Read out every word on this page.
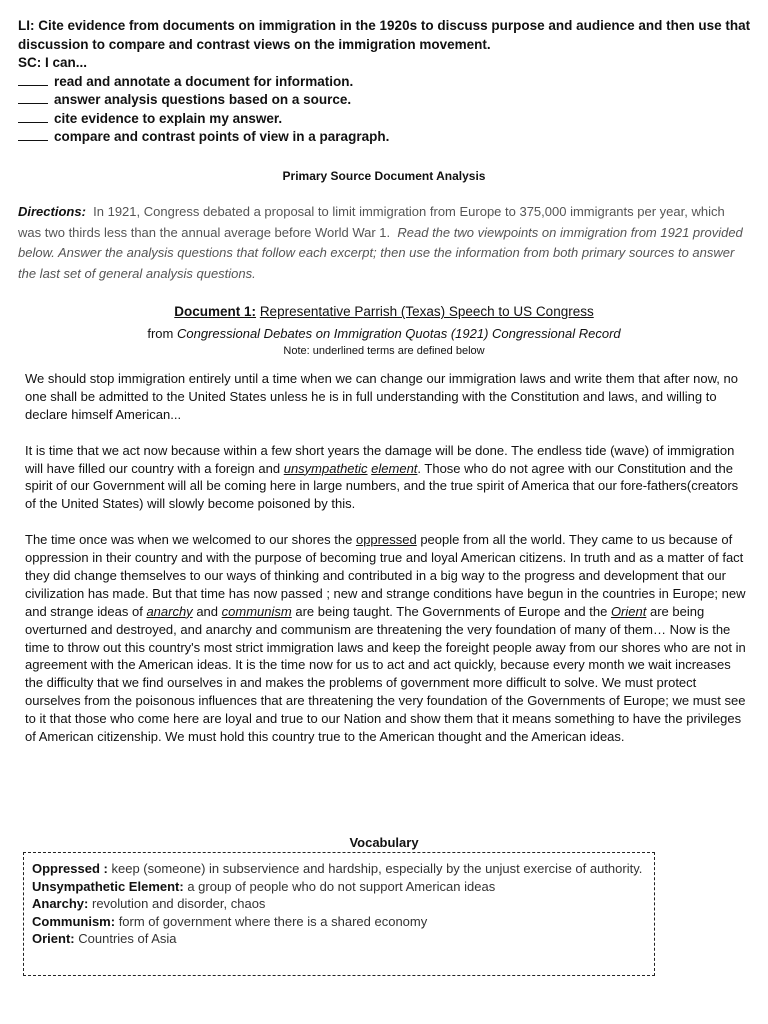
LI: Cite evidence from documents on immigration in the 1920s to discuss purpose and audience and then use that discussion to compare and contrast views on the immigration movement.
SC: I can...
read and annotate a document for information.
answer analysis questions based on a source.
cite evidence to explain my answer.
compare and contrast points of view in a paragraph.
Primary Source Document Analysis
Directions: In 1921, Congress debated a proposal to limit immigration from Europe to 375,000 immigrants per year, which was two thirds less than the annual average before World War 1. Read the two viewpoints on immigration from 1921 provided below. Answer the analysis questions that follow each excerpt; then use the information from both primary sources to answer the last set of general analysis questions.
Document 1: Representative Parrish (Texas) Speech to US Congress
from Congressional Debates on Immigration Quotas (1921) Congressional Record
Note: underlined terms are defined below

We should stop immigration entirely until a time when we can change our immigration laws and write them that after now, no one shall be admitted to the United States unless he is in full understanding with the Constitution and laws, and willing to declare himself American...

It is time that we act now because within a few short years the damage will be done. The endless tide (wave) of immigration will have filled our country with a foreign and unsympathetic element. Those who do not agree with our Constitution and the spirit of our Government will all be coming here in large numbers, and the true spirit of America that our fore-fathers(creators of the United States) will slowly become poisoned by this.

The time once was when we welcomed to our shores the oppressed people from all the world. They came to us because of oppression in their country and with the purpose of becoming true and loyal American citizens. In truth and as a matter of fact they did change themselves to our ways of thinking and contributed in a big way to the progress and development that our civilization has made. But that time has now passed ; new and strange conditions have begun in the countries in Europe; new and strange ideas of anarchy and communism are being taught. The Governments of Europe and the Orient are being overturned and destroyed, and anarchy and communism are threatening the very foundation of many of them… Now is the time to throw out this country's most strict immigration laws and keep the foreight people away from our shores who are not in agreement with the American ideas. It is the time now for us to act and act quickly, because every month we wait increases the difficulty that we find ourselves in and makes the problems of government more difficult to solve. We must protect ourselves from the poisonous influences that are threatening the very foundation of the Governments of Europe; we must see to it that those who come here are loyal and true to our Nation and show them that it means something to have the privileges of American citizenship. We must hold this country true to the American thought and the American ideas.

Vocabulary
Oppressed : keep (someone) in subservience and hardship, especially by the unjust exercise of authority.
Unsympathetic Element: a group of people who do not support American ideas
Anarchy: revolution and disorder, chaos
Communism: form of government where there is a shared economy
Orient: Countries of Asia
